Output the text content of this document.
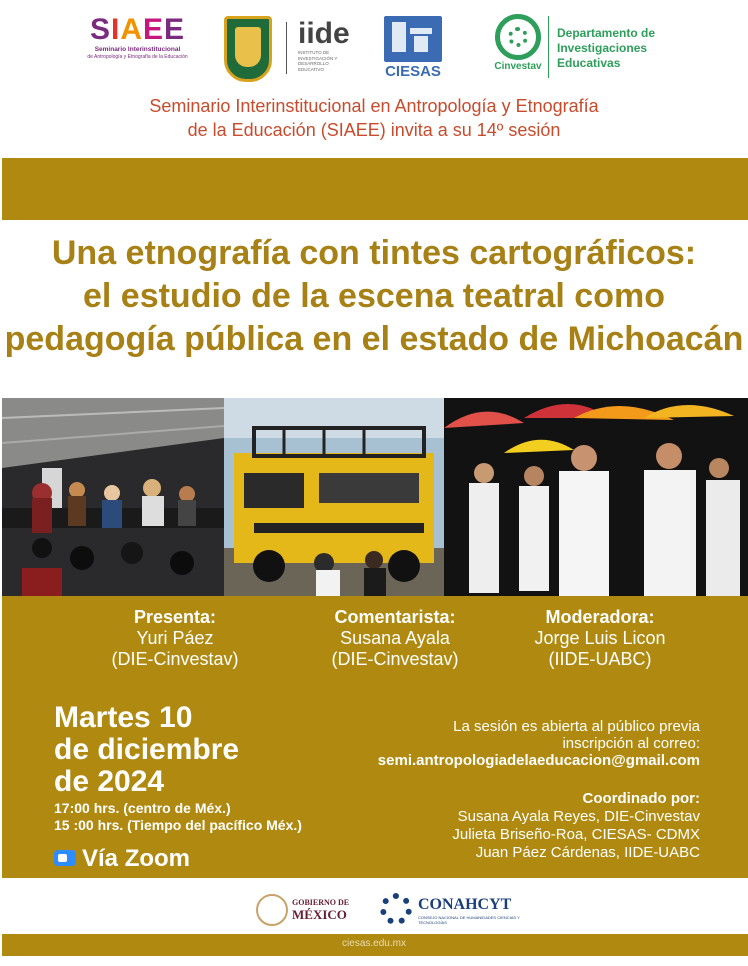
SIAEE
Seminario Interinstitucional
de Antropología y Etnografía de la Educación
iide
INSTITUTO DE INVESTIGACIÓN Y DESARROLLO EDUCATIVO	CIESAS	Cinvestav
Departamento de
Investigaciones
Educativas
Seminario Interinstitucional en Antropología y Etnografía
de la Educación (SIAEE) invita a su 14º sesión
Una etnografía con tintes cartográficos:
el estudio de la escena teatral como
pedagogía pública en el estado de Michoacán
Presenta:
Yuri Páez
(DIE-Cinvestav)
Comentarista:
Susana Ayala
(DIE-Cinvestav)
Moderadora:
Jorge Luis Licon
(IIDE-UABC)
Martes 10
de diciembre
de 2024
17:00 hrs. (centro de Méx.)
15 :00 hrs. (Tiempo del pacífico Méx.)
Vía Zoom
La sesión es abierta al público previa
inscripción al correo:
semi.antropologiadelaeducacion@gmail.com
Coordinado por:
Susana Ayala Reyes, DIE-Cinvestav
Julieta Briseño-Roa, CIESAS- CDMX
Juan Páez Cárdenas, IIDE-UABC
GOBIERNO DE
MÉXICO
CONAHCYT
CONSEJO NACIONAL DE HUMANIDADES CIENCIAS Y TECNOLOGÍAS
ciesas.edu.mx
